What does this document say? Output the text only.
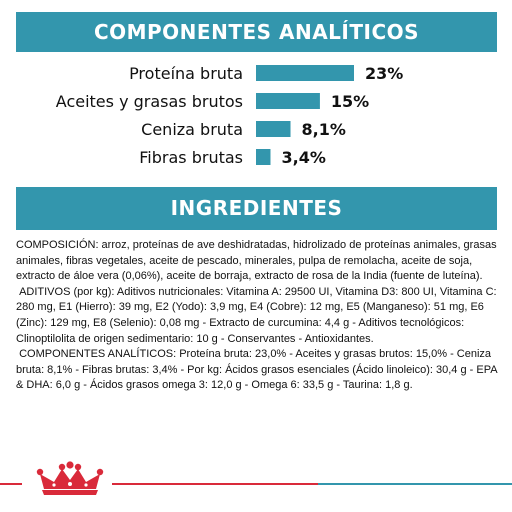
COMPONENTES ANALÍTICOS
Proteína bruta	23%
Aceites y grasas brutos	15%
Ceniza bruta	8,1%
Fibras brutas 3,4%
INGREDIENTES
COMPOSICIÓN: arroz, proteínas de ave deshidratadas, hidrolizado de proteínas animales, grasas animales, fibras vegetales, aceite de pescado, minerales, pulpa de remolacha, aceite de soja, extracto de áloe vera (0,06%), aceite de borraja, extracto de rosa de la India (fuente de luteína).
ADITIVOS (por kg): Aditivos nutricionales: Vitamina A: 29500 UI, Vitamina D3: 800 UI, Vitamina C: 280 mg, E1 (Hierro): 39 mg, E2 (Yodo): 3,9 mg, E4 (Cobre): 12 mg, E5 (Manganeso): 51 mg, E6 (Zinc): 129 mg, E8 (Selenio): 0,08 mg - Extracto de curcumina: 4,4 g - Aditivos tecnológicos: Clinoptilolita de origen sedimentario: 10 g - Conservantes - Antioxidantes.
COMPONENTES ANALÍTICOS: Proteína bruta: 23,0% - Aceites y grasas brutos: 15,0% - Ceniza bruta: 8,1% - Fibras brutas: 3,4% - Por kg: Ácidos grasos esenciales (Ácido linoleico): 30,4 g - EPA & DHA: 6,0 g - Ácidos grasos omega 3: 12,0 g - Omega 6: 33,5 g - Taurina: 1,8 g.
